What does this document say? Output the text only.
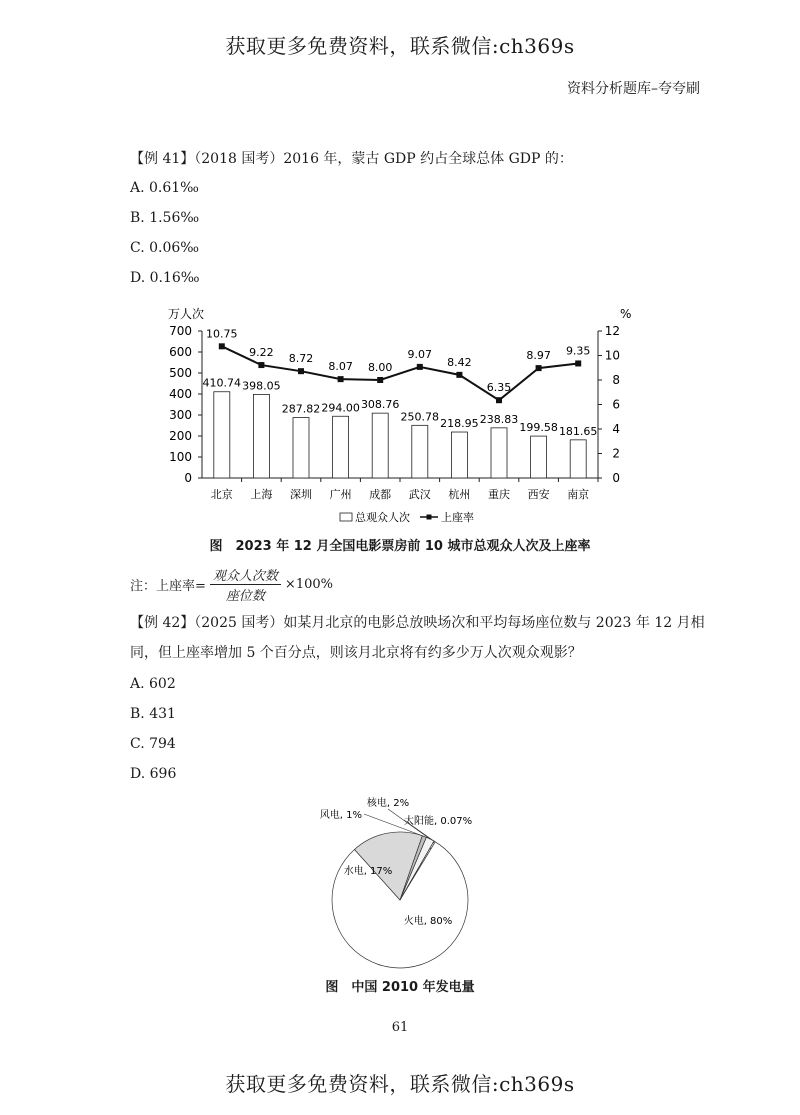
获取更多免费资料，联系微信:ch369s
资料分析题库–夸夸刷
【例 41】（2018 国考）2016 年，蒙古 GDP 约占全球总体 GDP 的：
A. 0.61‰
B. 1.56‰
C. 0.06‰
D. 0.16‰
万人次	%
0
100
200
300
400
500
600
700
0
2
4
6
8
10
12
410.74
北京
398.05
上海
287.82
深圳
294.00
广州
308.76
成都
250.78
武汉
218.95
杭州
238.83
重庆
199.58
西安
181.65
南京
10.75
9.22 8.72
8.07 8.00
9.07
8.42
6.35
8.97 9.35
总观众人次	上座率
图　2023 年 12 月全国电影票房前 10 城市总观众人次及上座率
注：上座率=
观众人次数
座位数
×100%
【例 42】（2025 国考）如某月北京的电影总放映场次和平均每场座位数与 2023 年 12 月相
同，但上座率增加 5 个百分点，则该月北京将有约多少万人次观众观影？
A. 602
B. 431
C. 794
D. 696
火电, 80%
水电, 17%
风电, 1%
核电, 2%
太阳能, 0.07%
图　中国 2010 年发电量
61
获取更多免费资料，联系微信:ch369s
